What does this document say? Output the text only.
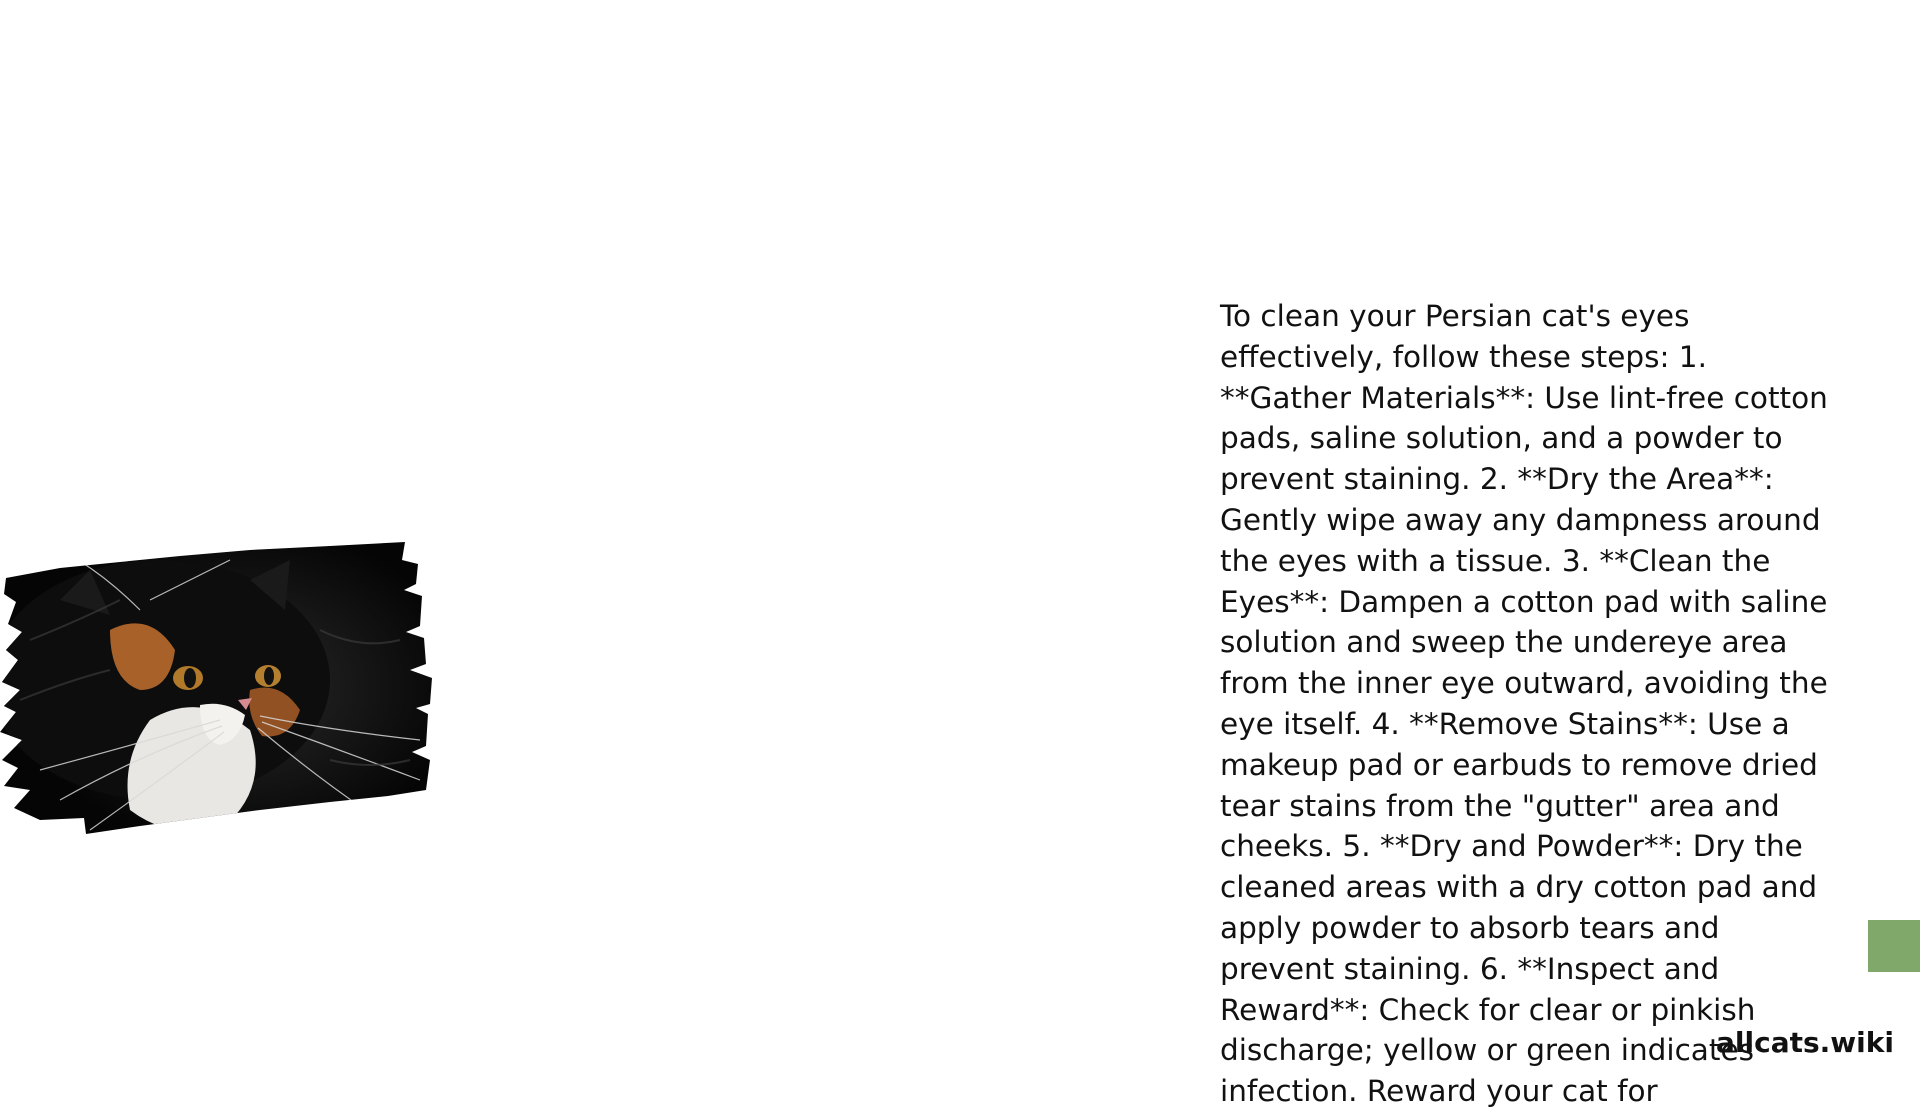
To clean your Persian cat's eyes effectively, follow these steps: 1. **Gather Materials**: Use lint-free cotton pads, saline solution, and a powder to prevent staining. 2. **Dry the Area**: Gently wipe away any dampness around the eyes with a tissue. 3. **Clean the Eyes**: Dampen a cotton pad with saline solution and sweep the undereye area from the inner eye outward, avoiding the eye itself. 4. **Remove Stains**: Use a makeup pad or earbuds to remove dried tear stains from the "gutter" area and cheeks. 5. **Dry and Powder**: Dry the cleaned areas with a dry cotton pad and apply powder to absorb tears and prevent staining. 6. **Inspect and Reward**: Check for clear or pinkish discharge; yellow or green indicates infection. Reward your cat for

allcats.wiki
